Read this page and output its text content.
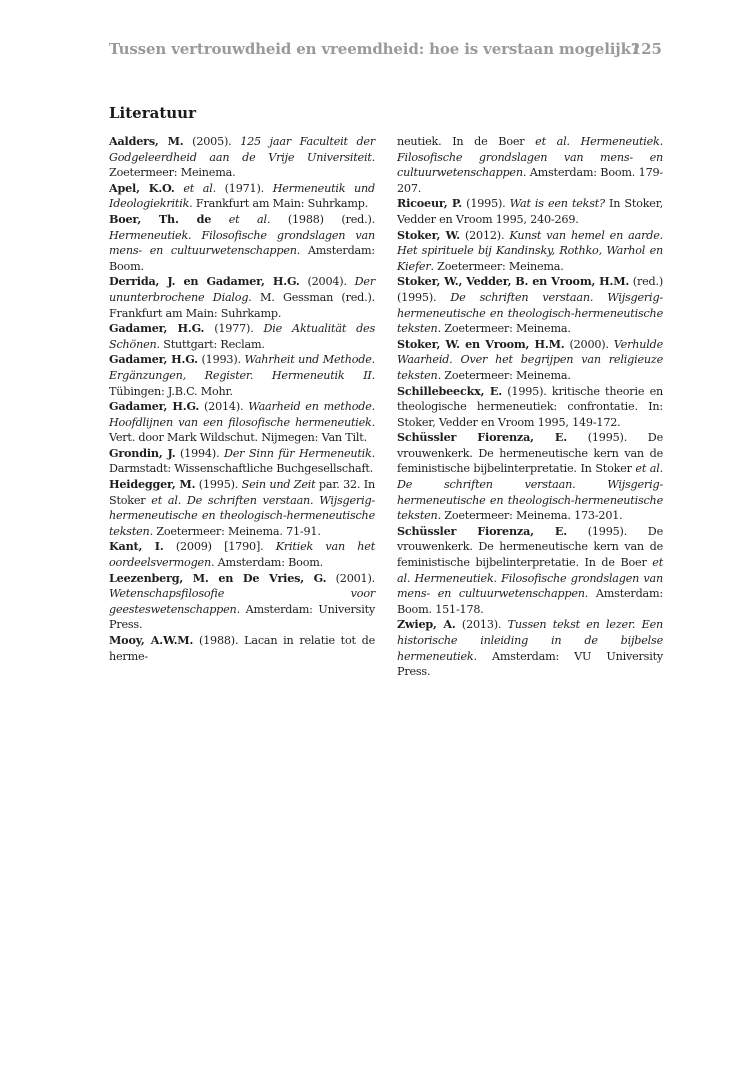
Tussen vertrouwdheid en vreemdheid: hoe is verstaan mogelijk?
125
Literatuur

Aalders, M. (2005). 125 jaar Faculteit der Godgeleerdheid aan de Vrije Universiteit. Zoetermeer: Meinema.

Apel, K.O. et al. (1971). Hermeneutik und Ideologiekritik. Frankfurt am Main: Suhrkamp.

Boer, Th. de et al. (1988) (red.). Hermeneutiek. Filosofische grondslagen van mens- en cultuurwetenschappen. Amsterdam: Boom.

Derrida, J. en Gadamer, H.G. (2004). Der ununterbrochene Dialog. M. Gessman (red.). Frankfurt am Main: Suhrkamp.

Gadamer, H.G. (1977). Die Aktualität des Schönen. Stuttgart: Reclam.

Gadamer, H.G. (1993). Wahrheit und Methode. Ergänzungen, Register. Hermeneutik II. Tübingen: J.B.C. Mohr.

Gadamer, H.G. (2014). Waarheid en methode. Hoofdlijnen van een filosofische hermeneutiek. Vert. door Mark Wildschut. Nijmegen: Van Tilt.

Grondin, J. (1994). Der Sinn für Hermeneutik. Darmstadt: Wissenschaftliche Buchgesellschaft.

Heidegger, M. (1995). Sein und Zeit par. 32. In Stoker et al. De schriften verstaan. Wijsgerig-hermeneutische en theologisch-hermeneutische teksten. Zoetermeer: Meinema. 71-91.

Kant, I. (2009) [1790]. Kritiek van het oordeelsvermogen. Amsterdam: Boom.

Leezenberg, M. en De Vries, G. (2001). Wetenschapsfilosofie voor geesteswetenschappen. Amsterdam: University Press.

Mooy, A.W.M. (1988). Lacan in relatie tot de herme-

neutiek. In de Boer et al. Hermeneutiek. Filosofische grondslagen van mens- en cultuurwetenschappen. Amsterdam: Boom. 179-207.

Ricoeur, P. (1995). Wat is een tekst? In Stoker, Vedder en Vroom 1995, 240-269.

Stoker, W. (2012). Kunst van hemel en aarde. Het spirituele bij Kandinsky, Rothko, Warhol en Kiefer. Zoetermeer: Meinema.

Stoker, W., Vedder, B. en Vroom, H.M. (red.) (1995). De schriften verstaan. Wijsgerig-hermeneutische en theologisch-hermeneutische teksten. Zoetermeer: Meinema.

Stoker, W. en Vroom, H.M. (2000). Verhulde Waarheid. Over het begrijpen van religieuze teksten. Zoetermeer: Meinema.

Schillebeeckx, E. (1995). kritische theorie en theologische hermeneutiek: confrontatie. In: Stoker, Vedder en Vroom 1995, 149-172.

Schüssler Fiorenza, E. (1995). De vrouwenkerk. De hermeneutische kern van de feministische bijbelinterpretatie. In Stoker et al. De schriften verstaan. Wijsgerig-hermeneutische en theologisch-hermeneutische teksten. Zoetermeer: Meinema. 173-201.

Schüssler Fiorenza, E. (1995). De vrouwenkerk. De hermeneutische kern van de feministische bijbelinterpretatie. In de Boer et al. Hermeneutiek. Filosofische grondslagen van mens- en cultuurwetenschappen. Amsterdam: Boom. 151-178.

Zwiep, A. (2013). Tussen tekst en lezer. Een historische inleiding in de bijbelse hermeneutiek. Amsterdam: VU University Press.
